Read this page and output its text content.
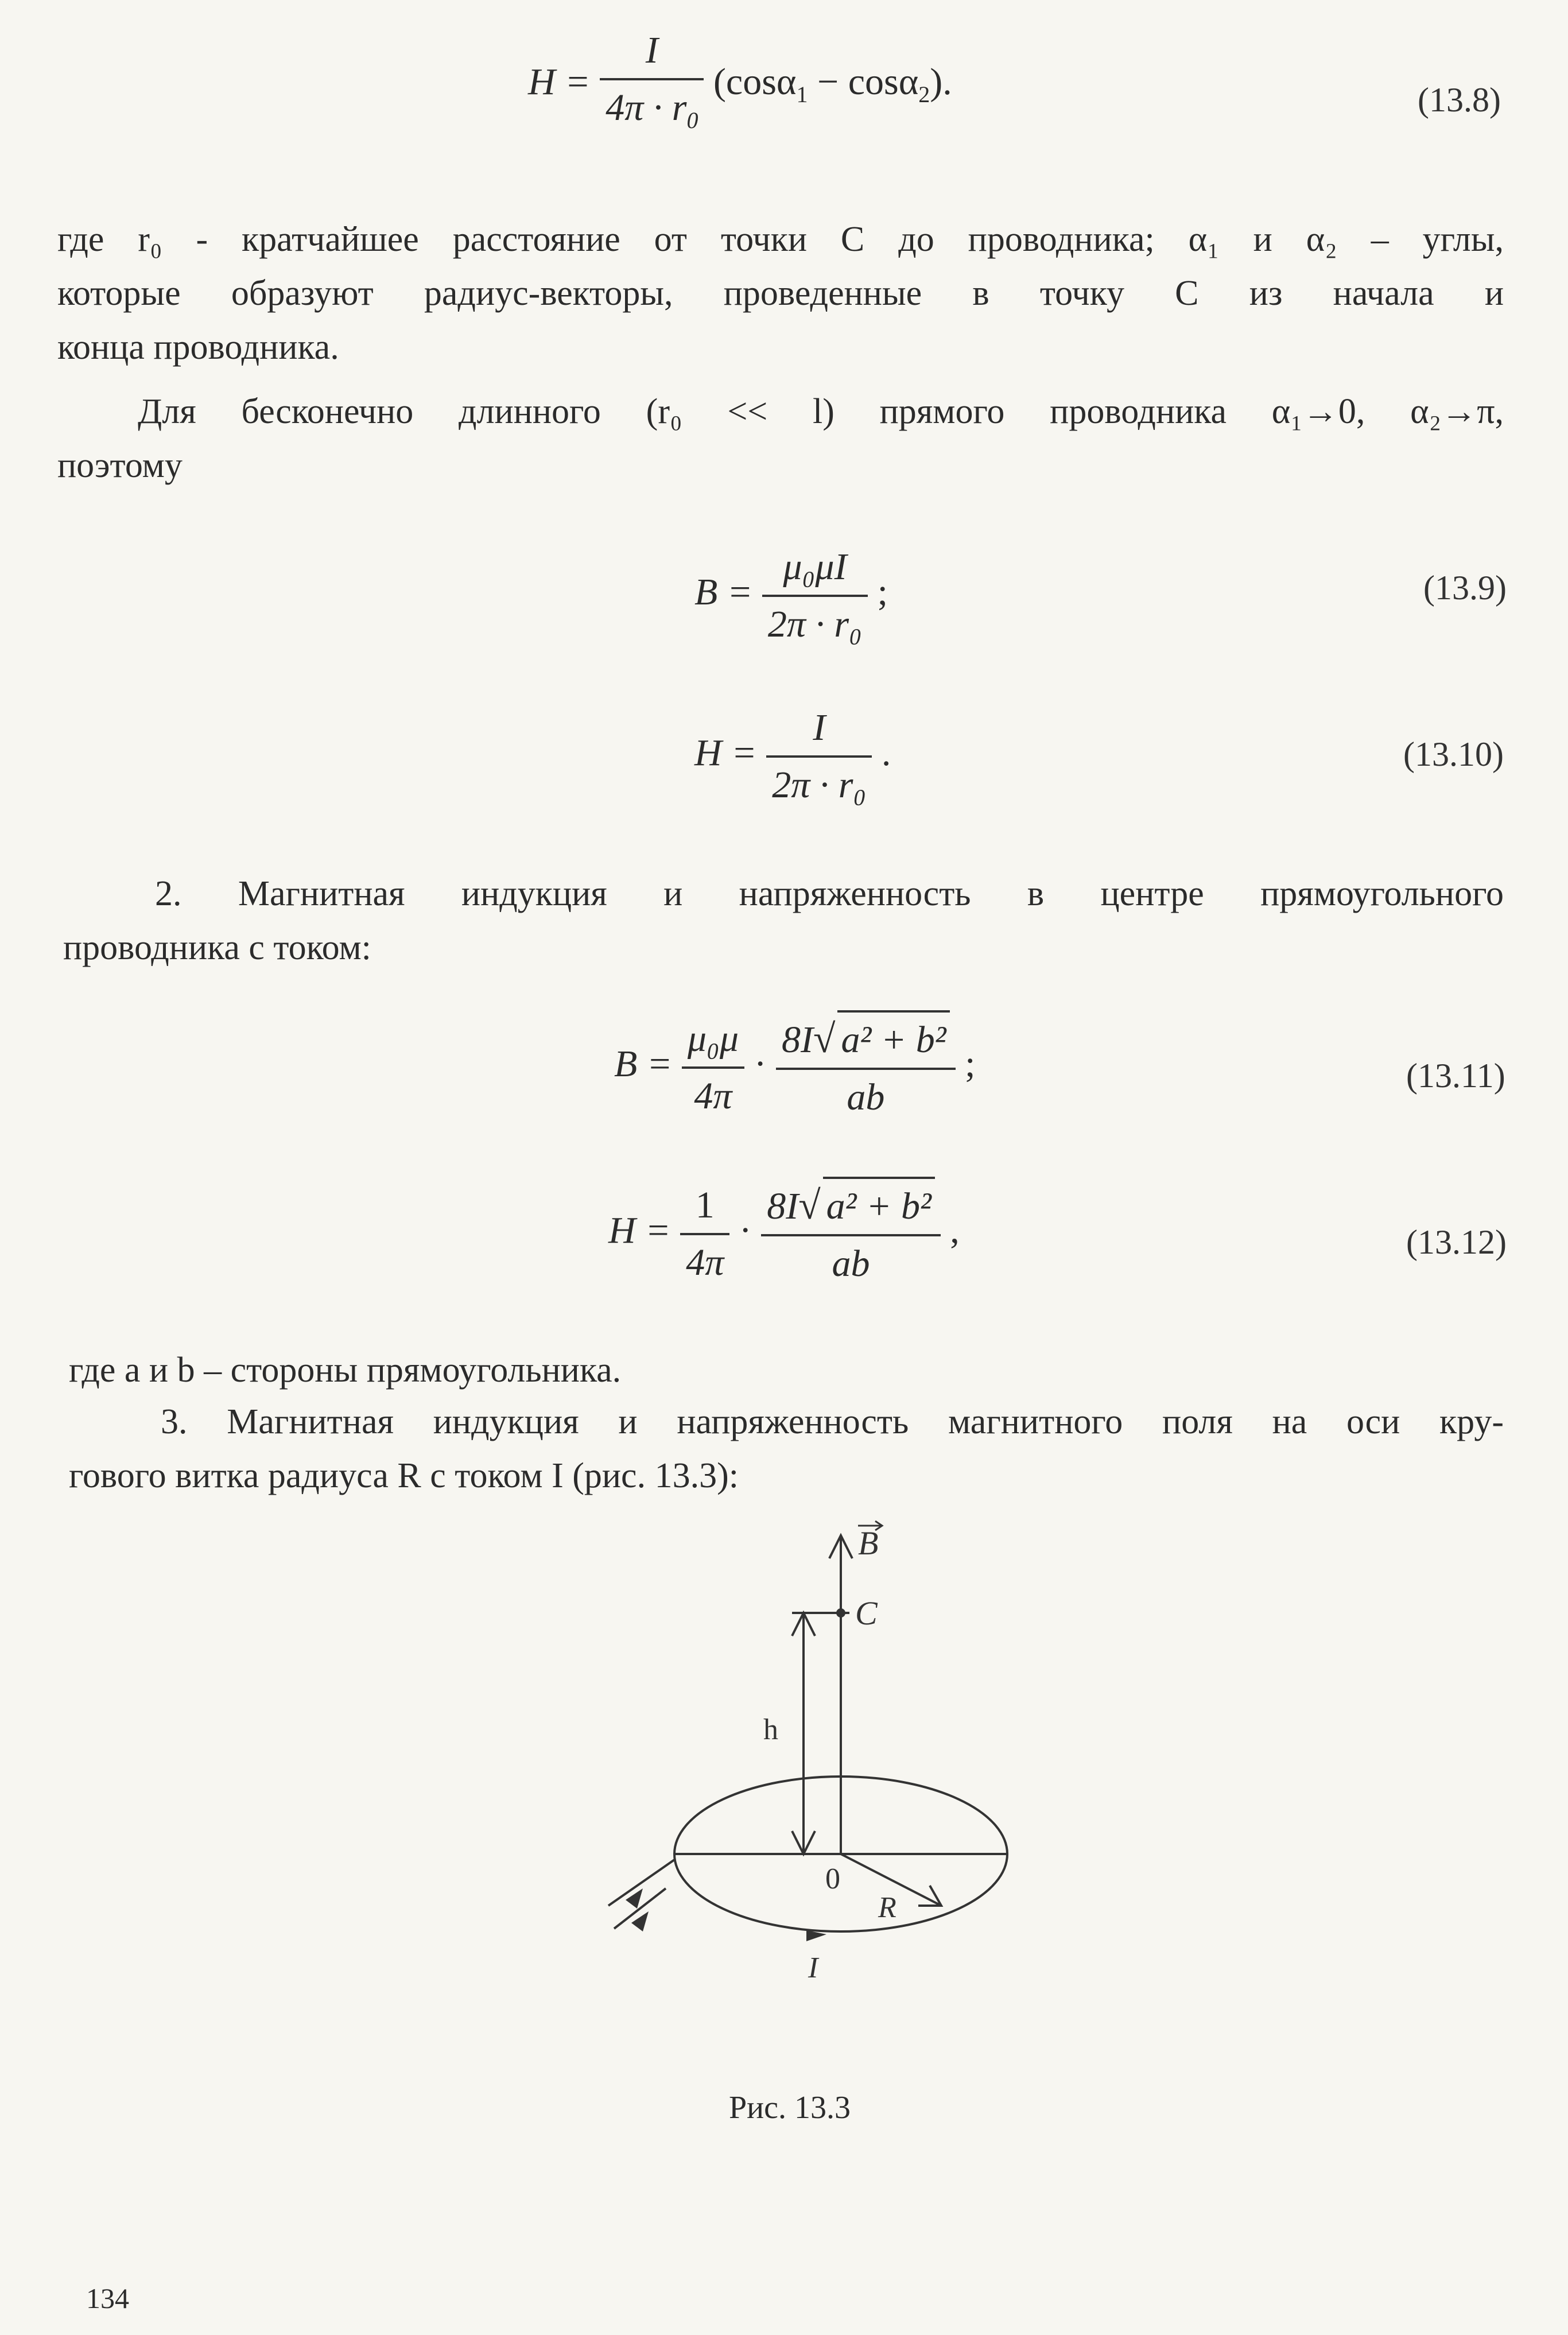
$H = \frac{I}{4\pi \cdot r_0} (\cos\alpha_1 - \cos\alpha_2)$.	(13.8)
где r₀ - кратчайшее расстояние от точки C до проводника; α₁ и α₂ – углы,
которые образуют радиус-векторы, проведенные в точку C из начала и
конца проводника.
Для бесконечно длинного (r₀ << l) прямого проводника α₁→0, α₂→π,
поэтому
$B = \frac{\text{μ₀μI}}{\text{2π · r₀}}$ ;	(13.9)
$H = \frac{I}{\text{2π · r₀}}$ .	(13.10)
2. Магнитная индукция и напряженность в центре прямоугольного
проводника с током:
$B = \frac{\text{μ₀μ}}{4\pi} \cdot \frac{\text{8I√ a² + b²}}{ab}$ ;	(13.11)
$H = \frac{1}{4\pi} \cdot \frac{\text{8I√ a² + b²}}{ab}$ ,	(13.12)
где a и b – стороны прямоугольника.
3. Магнитная индукция и напряженность магнитного поля на оси кру-
гового витка радиуса R с током I (рис. 13.3):
B
C
h
0
R
I
Рис. 13.3
134
